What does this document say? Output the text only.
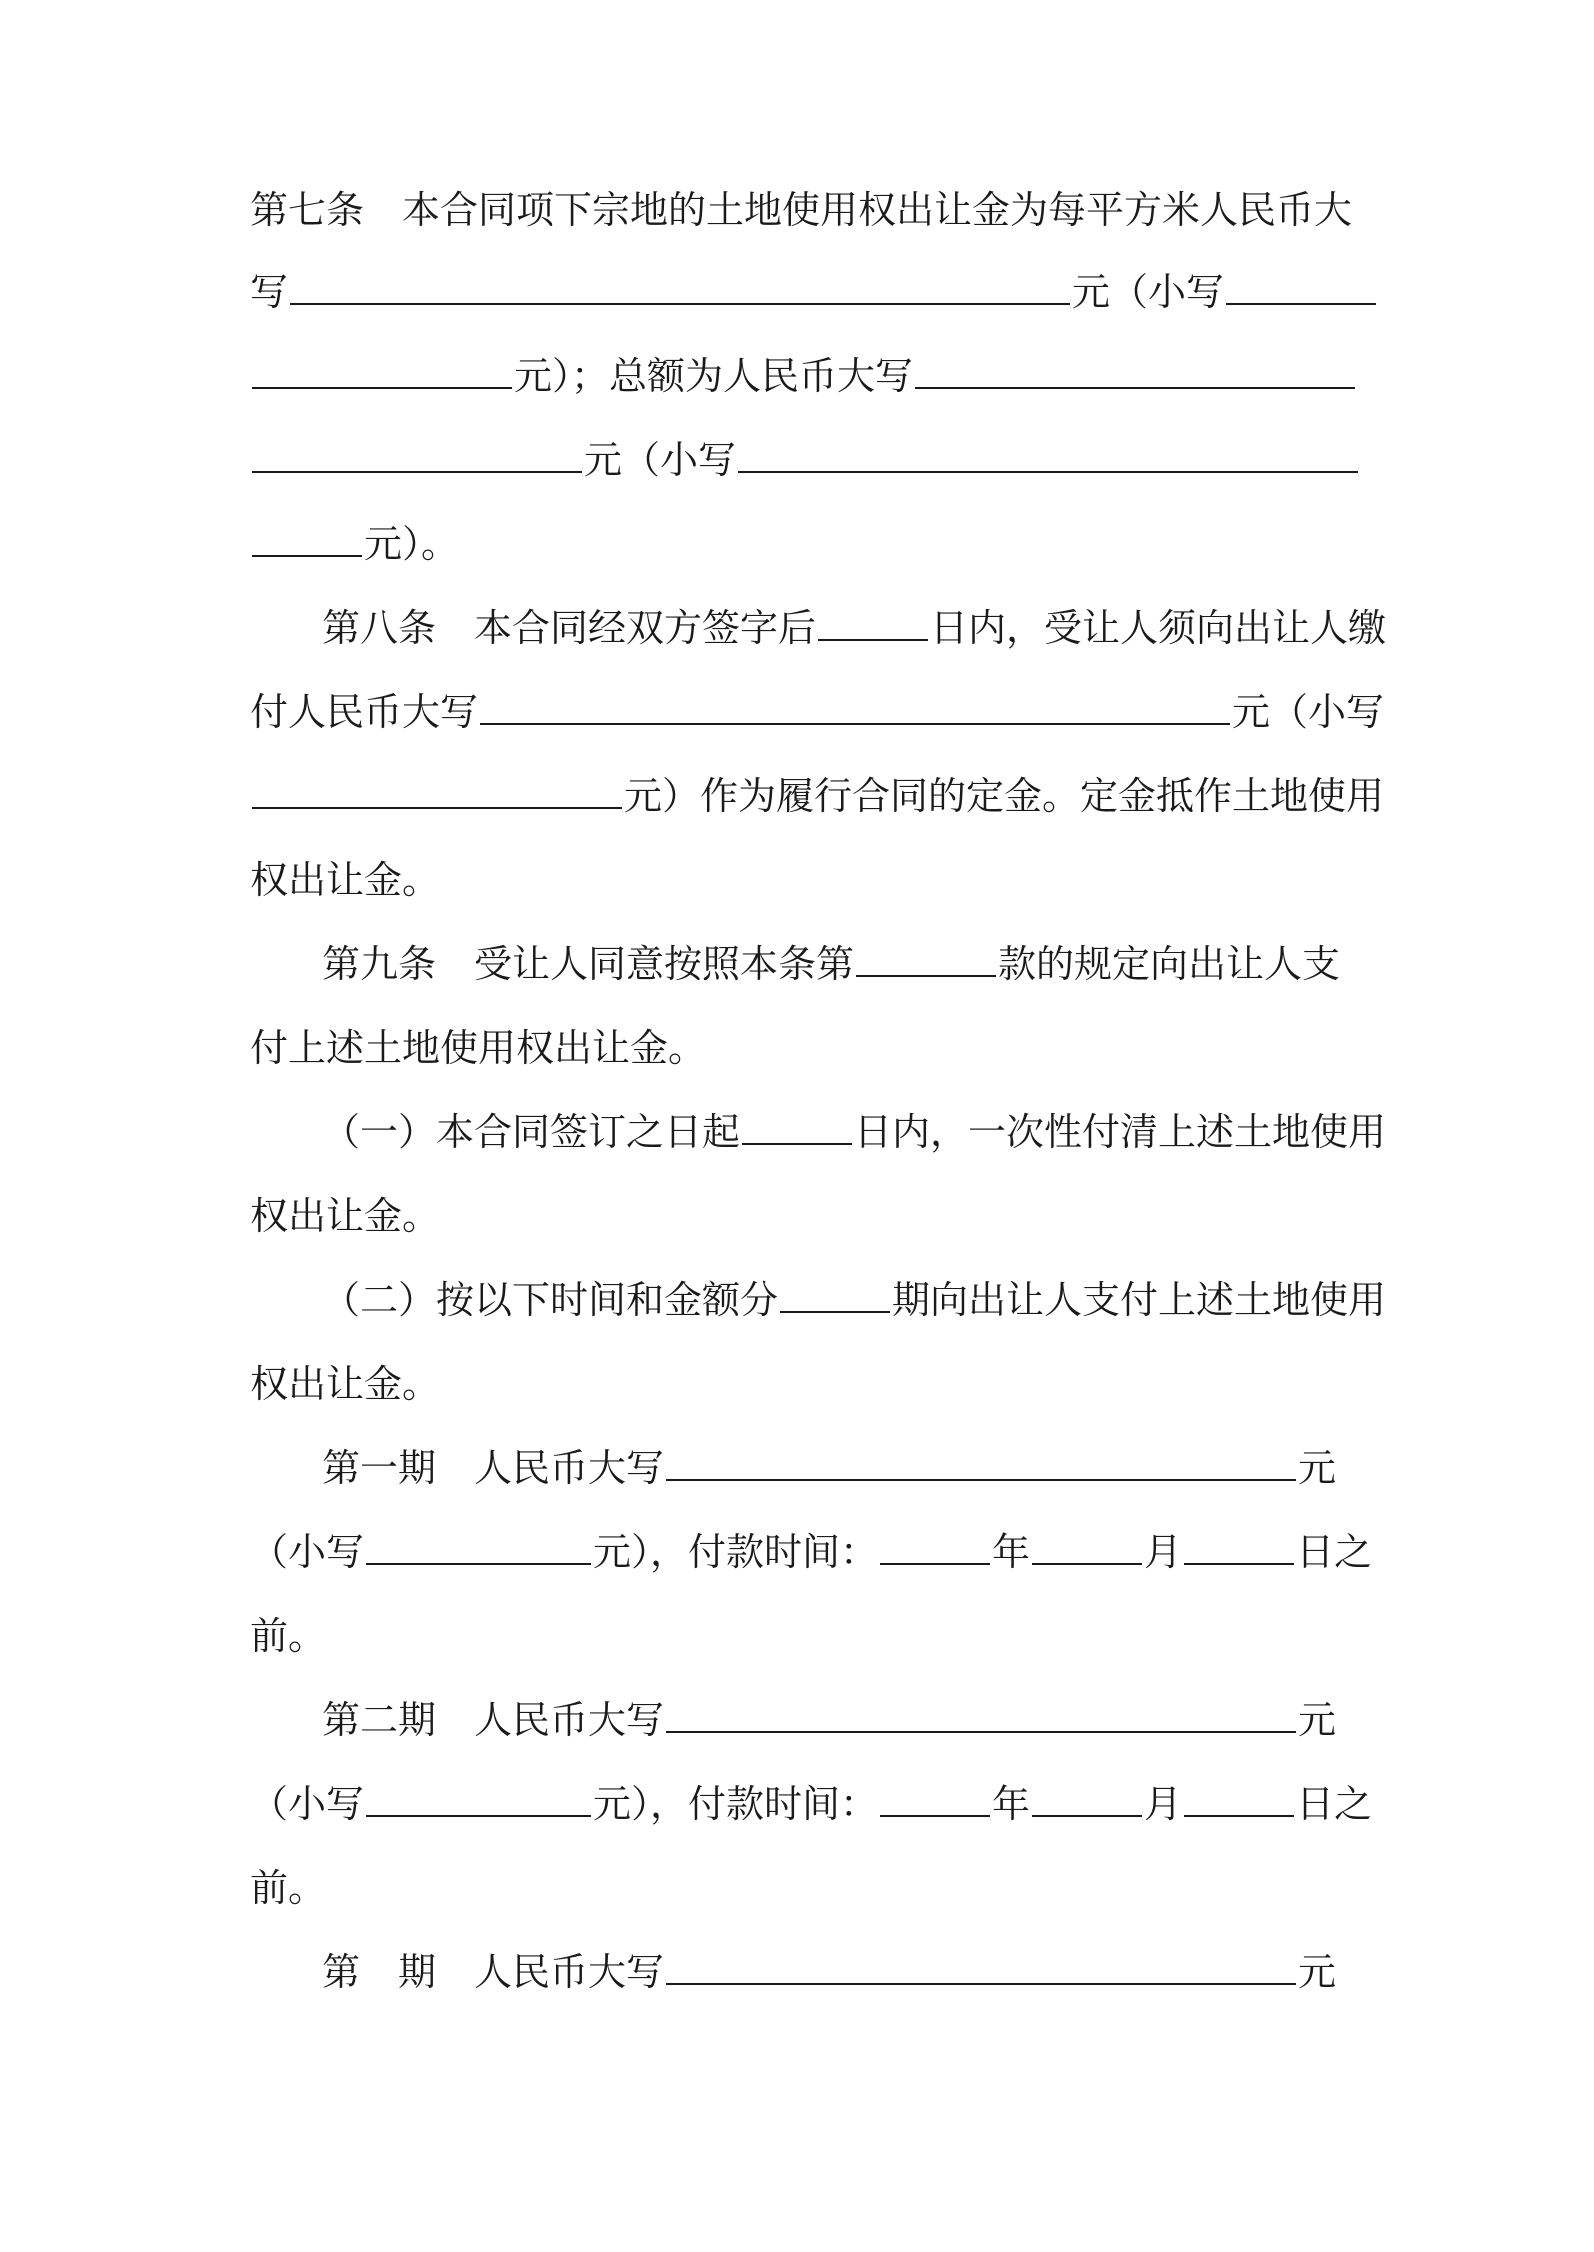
第七条　本合同项下宗地的土地使用权出让金为每平方米人民币大

写	元（小写

元）；总额为人民币大写

元（小写

元）。

第八条　本合同经双方签字后	日内，受让人须向出让人缴

付人民币大写	元（小写

元）作为履行合同的定金。定金抵作土地使用

权出让金。

第九条　受让人同意按照本条第	款的规定向出让人支

付上述土地使用权出让金。

（一）本合同签订之日起	日内，一次性付清上述土地使用

权出让金。

（二）按以下时间和金额分	期向出让人支付上述土地使用

权出让金。

第一期　人民币大写	元

（小写	元），付款时间：	年	月	日之

前。

第二期　人民币大写	元

（小写	元），付款时间：	年	月	日之

前。

第　期　人民币大写	元
